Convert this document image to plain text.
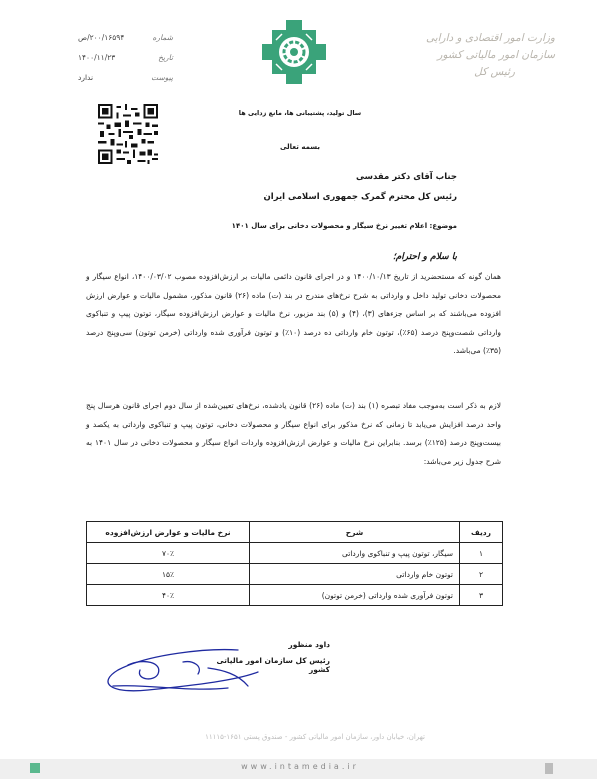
شماره
۲۰۰/۱۶۵۹۴/ص
تاریخ
۱۴۰۰/۱۱/۲۳
پیوست
ندارد
وزارت امور اقتصادی و دارایی
سازمان امور مالیاتی کشور
رئیس کل
سال تولید، پشتیبانی ها، مانع زدایی ها
بسمه تعالی
جناب آقای دکتر مقدسی
رئیس کل محترم گمرک جمهوری اسلامی ایران
موضوع: اعلام تغییر نرخ سیگار و محصولات دخانی برای سال ۱۴۰۱
با سلام و احترام؛
همان گونه که مستحضرید از تاریخ ۱۴۰۰/۱۰/۱۳ و در اجرای قانون دائمی مالیات بر ارزش‌افزوده مصوب ۱۴۰۰/۰۳/۰۲، انواع سیگار و محصولات دخانی تولید داخل و وارداتی به شرح نرخ‌های مندرج در بند (ت) ماده (۲۶) قانون مذکور، مشمول مالیات و عوارض ارزش افزوده می‌باشند که بر اساس جزءهای (۳)، (۴) و (۵) بند مزبور، نرخ مالیات و عوارض ارزش‌افزوده سیگار، توتون پیپ و تنباکوی وارداتی شصت‌وپنج درصد (۶۵٪)، توتون خام وارداتی ده درصد (۱۰٪) و توتون فرآوری شده وارداتی (خرمن توتون) سی‌وپنج درصد (۳۵٪) می‌باشد.
لازم به ذکر است به‌موجب مفاد تبصره (۱) بند (ت) ماده (۲۶) قانون یادشده، نرخ‌های تعیین‌شده از سال دوم اجرای قانون هرسال پنج واحد درصد افزایش می‌یابد تا زمانی که نرخ مذکور برای انواع سیگار و محصولات دخانی، توتون پیپ و تنباکوی وارداتی به یکصد و بیست‌وپنج درصد (۱۲۵٪) برسد. بنابراین نرخ مالیات و عوارض ارزش‌افزوده واردات انواع سیگار و محصولات دخانی در سال ۱۴۰۱ به شرح جدول زیر می‌باشد:
ردیف	شرح	نرخ مالیات و عوارض ارزش‌افزوده
۱	سیگار، توتون پیپ و تنباکوی وارداتی	۷۰٪
۲	توتون خام وارداتی	۱۵٪
۳	توتون فرآوری شده وارداتی (خرمن توتون)	۴۰٪
داود منظور
رئیس کل سازمان امور مالیاتی کشور
تهران، خیابان داور، سازمان امور مالیاتی کشور - صندوق پستی ۱۶۵۱-۱۱۱۱۵
www.intamedia.ir
